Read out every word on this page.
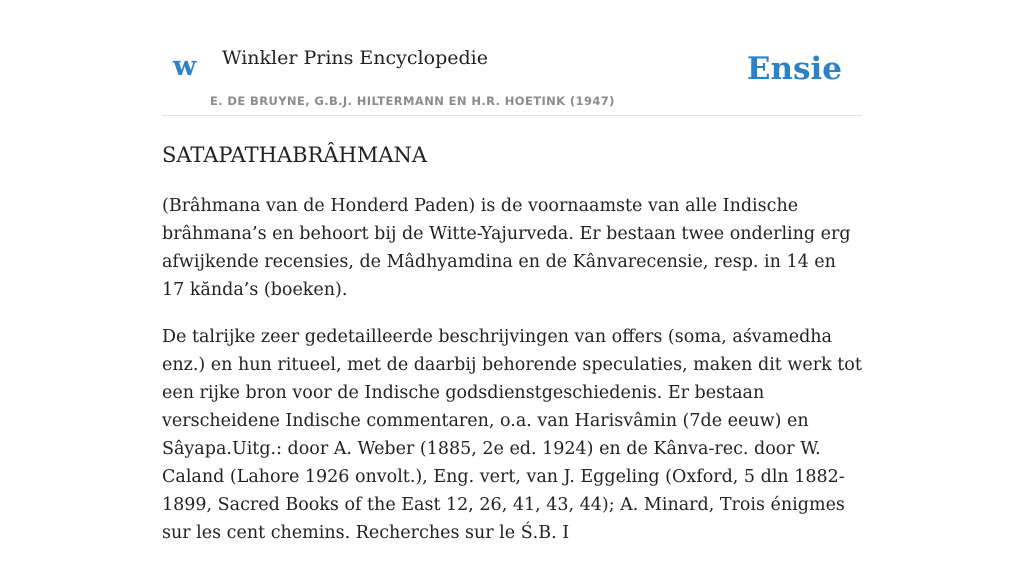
w Winkler Prins Encyclopedie	Ensie
E. DE BRUYNE, G.B.J. HILTERMANN EN H.R. HOETINK (1947)
SATAPATHABRÂHMANA

(Brâhmana van de Honderd Paden) is de voornaamste van alle Indische brâhmana’s en behoort bij de Witte-Yajurveda. Er bestaan twee onderling erg afwijkende recensies, de Mâdhyamdina en de Kânvarecensie, resp. in 14 en 17 kănda’s (boeken).

De talrijke zeer gedetailleerde beschrijvingen van offers (soma, aśvamedha enz.) en hun ritueel, met de daarbij behorende speculaties, maken dit werk tot een rijke bron voor de Indische godsdienstgeschiedenis. Er bestaan verscheidene Indische commentaren, o.a. van Harisvâmin (7de eeuw) en Sâyapa.Uitg.: door A. Weber (1885, 2e ed. 1924) en de Kânva-rec. door W. Caland (Lahore 1926 onvolt.), Eng. vert, van J. Eggeling (Oxford, 5 dln 1882-1899, Sacred Books of the East 12, 26, 41, 43, 44); A. Minard, Trois énigmes sur les cent chemins. Recherches sur le Ś.B. I
